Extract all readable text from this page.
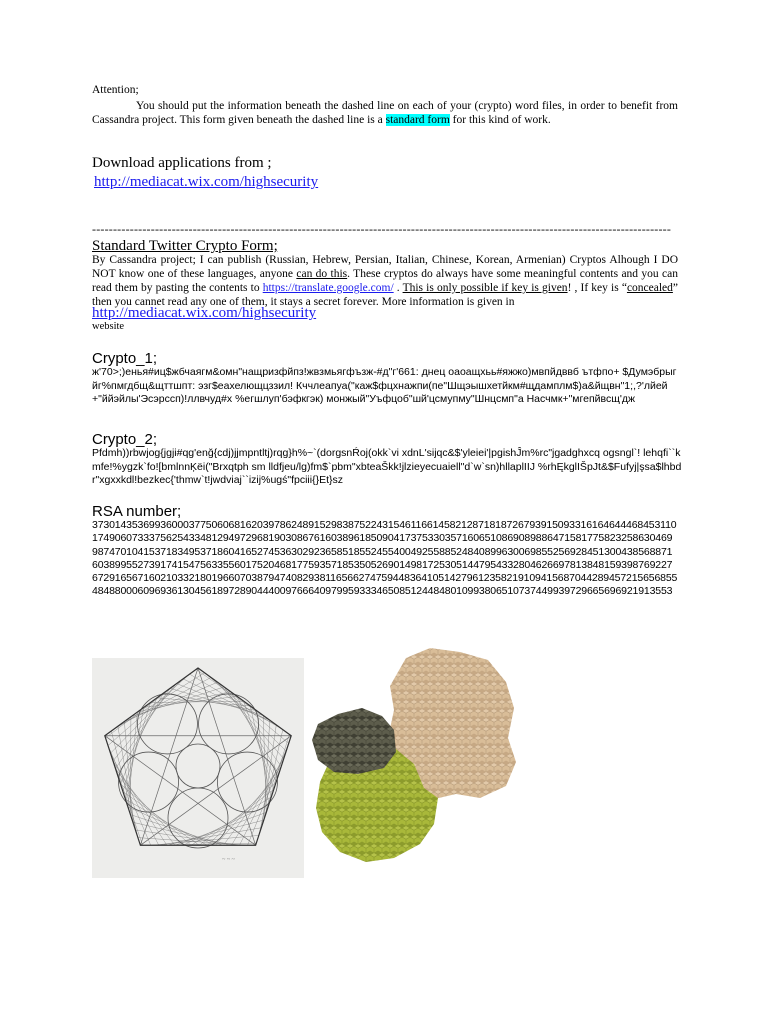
Attention;

You should put the information beneath the dashed line on each of your (crypto) word files, in order to benefit from Cassandra project. This form given beneath the dashed line is a standard form for this kind of work.

Download applications from ;

http://mediacat.wix.com/highsecurity
------------------------------------------------------------------------------------------------------------------------------------------

Standard Twitter Crypto Form;

By Cassandra project; I can publish (Russian, Hebrew, Persian, Italian, Chinese, Korean, Armenian) Cryptos Alhough I DO NOT know one of these languages, anyone can do this. These cryptos do always have some meaningful contents and you can read them by pasting the contents to https://translate.google.com/ . This is only possible if key is given! , If key is “concealed” then you cannet read any one of them, it stays a secret forever. More information is given in

http://mediacat.wix.com/highsecurity

website

Crypto_1;

ж'70>;)енья#иц$жбчаягм&омн"нащризфйпз!жвзмьягфъзж-#д"г'661: днец оаоащхьь#яжжо)мвпйдввб ътфпо+ $Думэбрыгйг%пмгдбщ&щттшпт: эзг$еахелющцззил! Кччлеапуа("каж$фцхнажпи(пе"Шщэышхетйкм#щдамплм$)а&йщвн"1;,?'лйей+"ййэйлы'Эсэрссп)!ллвчуд#х %егшлуп'бэфкгэк) монжый"Уъфцоб"шй'цсмупму"Шнцсмп"а Насчмк+"мгепйвсщ'дж

Crypto_2;

Pfdmh))rbwjog{jgji#qg'enğ{cdj)jjmpntltj)rqg}h%~`(dorgsnŔoj(okk`vi xdnL'sijqc&$'yleiei'|pgishĴm%rc"jgadghxcq ogsngl`! lehqfi``kmfe!%ygzk`fo![bmlnnĶëi("Brxqtph sm lldfjeu/lg)fm$`pbm"xbteaŠkk!jlzieyecuaiell"d`w`sn)hllaplIIJ %rhĘkglIŠpJt&$Fufyj|şsa$lhbdr"xgxxkdl!bezkec{'thmw`t!jwdviaj``izij%ugś"fpciii{}Et}sz

RSA number;

37301435369936000377506068162039786248915298387522431546116614582128718187267939150933161646444684531101749060733375625433481294972968190308676160389618509041737533035716065108690898864715817758232586304699874701041537183495371860416527453630292365851855245540049255885248408996300698552569284513004385688716038995527391741547563355601752046817759357185350526901498172530514479543328046266978138481593987692276729165671602103321801966070387947408293811656627475944836410514279612358219109415687044289457215656855484880006096936130456189728904440097666409799593334650851244848010993806510737449939729665696921913553

~ ~ ~
